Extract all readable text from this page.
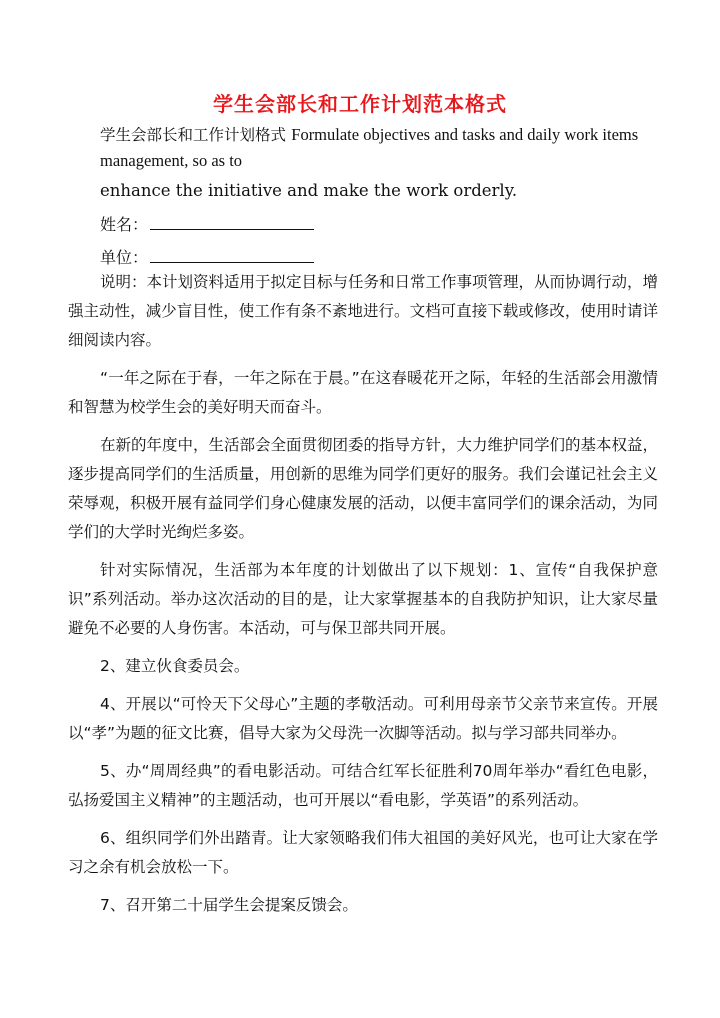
学生会部长和工作计划范本格式
学生会部长和工作计划格式 Formulate objectives and tasks and daily work items management, so as to
enhance the initiative and make the work orderly.
姓名：
单位：

说明：本计划资料适用于拟定目标与任务和日常工作事项管理，从而协调行动，增强主动性，减少盲目性，使工作有条不紊地进行。文档可直接下载或修改，使用时请详细阅读内容。

“一年之际在于春，一年之际在于晨。”在这春暖花开之际，年轻的生活部会用激情和智慧为校学生会的美好明天而奋斗。

在新的年度中，生活部会全面贯彻团委的指导方针，大力维护同学们的基本权益，逐步提高同学们的生活质量，用创新的思维为同学们更好的服务。我们会谨记社会主义荣辱观，积极开展有益同学们身心健康发展的活动，以便丰富同学们的课余活动，为同学们的大学时光绚烂多姿。

针对实际情况，生活部为本年度的计划做出了以下规划：1、宣传“自我保护意识”系列活动。举办这次活动的目的是，让大家掌握基本的自我防护知识，让大家尽量避免不必要的人身伤害。本活动，可与保卫部共同开展。

2、建立伙食委员会。

4、开展以“可怜天下父母心”主题的孝敬活动。可利用母亲节父亲节来宣传。开展以“孝”为题的征文比赛，倡导大家为父母洗一次脚等活动。拟与学习部共同举办。

5、办“周周经典”的看电影活动。可结合红军长征胜利70周年举办“看红色电影，弘扬爱国主义精神”的主题活动，也可开展以“看电影，学英语”的系列活动。

6、组织同学们外出踏青。让大家领略我们伟大祖国的美好风光，也可让大家在学习之余有机会放松一下。

7、召开第二十届学生会提案反馈会。
